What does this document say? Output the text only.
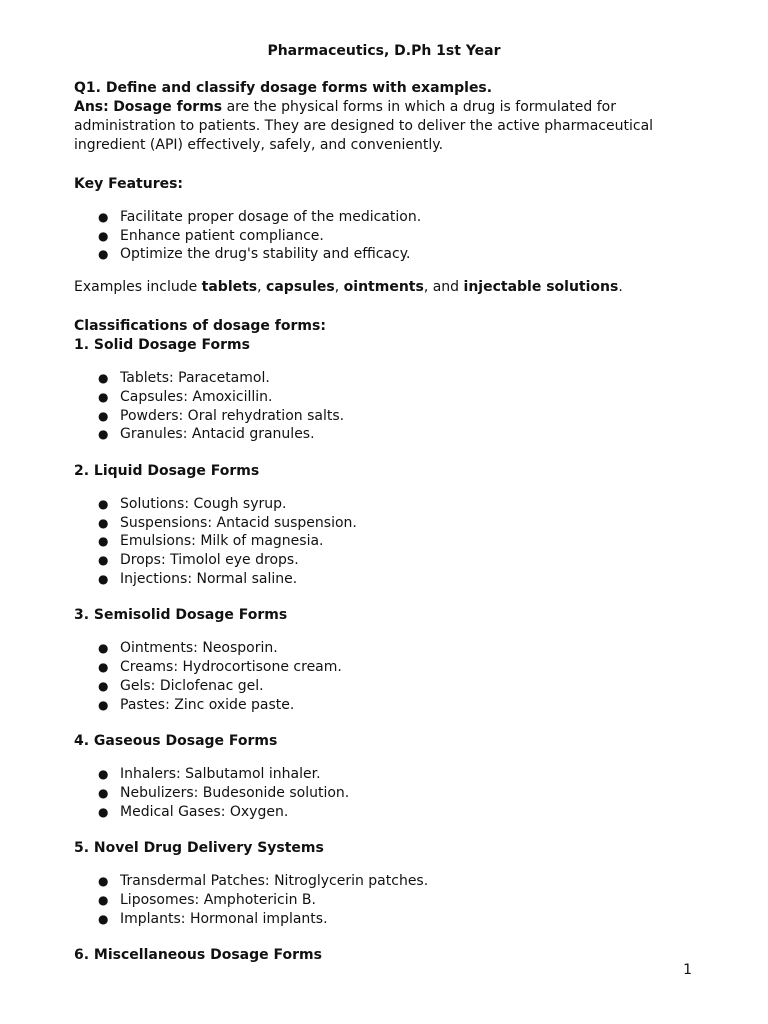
Pharmaceutics, D.Ph 1st Year

Q1. Define and classify dosage forms with examples.

Ans: Dosage forms are the physical forms in which a drug is formulated for administration to patients. They are designed to deliver the active pharmaceutical ingredient (API) effectively, safely, and conveniently.

Key Features:

● Facilitate proper dosage of the medication.
● Enhance patient compliance.
● Optimize the drug's stability and efficacy.

Examples include tablets, capsules, ointments, and injectable solutions.

Classifications of dosage forms:

1. Solid Dosage Forms

● Tablets: Paracetamol.
● Capsules: Amoxicillin.
● Powders: Oral rehydration salts.
● Granules: Antacid granules.

2. Liquid Dosage Forms

● Solutions: Cough syrup.
● Suspensions: Antacid suspension.
● Emulsions: Milk of magnesia.
● Drops: Timolol eye drops.
● Injections: Normal saline.

3. Semisolid Dosage Forms

● Ointments: Neosporin.
● Creams: Hydrocortisone cream.
● Gels: Diclofenac gel.
● Pastes: Zinc oxide paste.

4. Gaseous Dosage Forms

● Inhalers: Salbutamol inhaler.
● Nebulizers: Budesonide solution.
● Medical Gases: Oxygen.

5. Novel Drug Delivery Systems

● Transdermal Patches: Nitroglycerin patches.
● Liposomes: Amphotericin B.
● Implants: Hormonal implants.

6. Miscellaneous Dosage Forms

1
